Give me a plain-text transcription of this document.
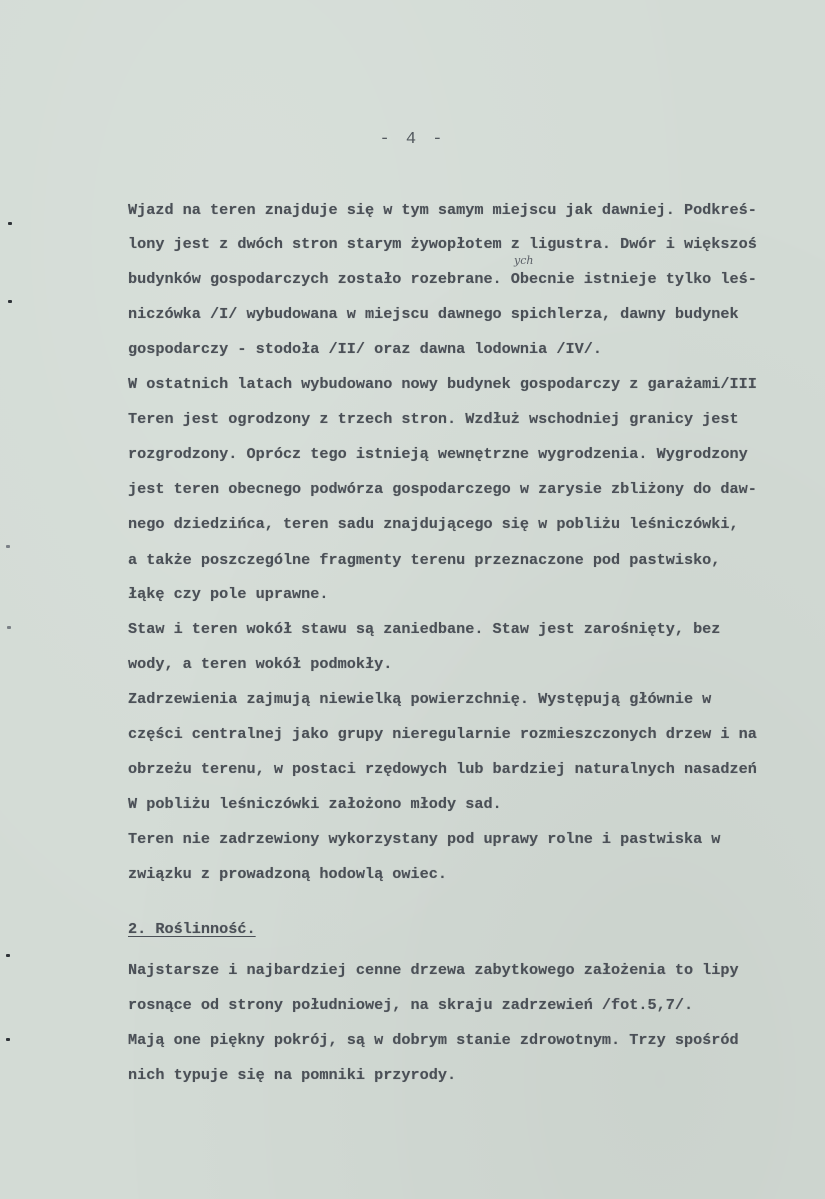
- 4 -
ych
Wjazd na teren znajduje się w tym samym miejscu jak dawniej. Podkreś-
lony jest z dwóch stron starym żywopłotem z ligustra. Dwór i większoś
budynków gospodarczych zostało rozebrane. Obecnie istnieje tylko leś-
niczówka /I/ wybudowana w miejscu dawnego spichlerza, dawny budynek
gospodarczy - stodoła /II/ oraz dawna lodownia /IV/.
W ostatnich latach wybudowano nowy budynek gospodarczy z garażami/III
Teren jest ogrodzony z trzech stron. Wzdłuż wschodniej granicy jest
rozgrodzony. Oprócz tego istnieją wewnętrzne wygrodzenia. Wygrodzony
jest teren obecnego podwórza gospodarczego w zarysie zbliżony do daw-
nego dziedzińca, teren sadu znajdującego się w pobliżu leśniczówki,
a także poszczególne fragmenty terenu przeznaczone pod pastwisko,
łąkę czy pole uprawne.
Staw i teren wokół stawu są zaniedbane. Staw jest zarośnięty, bez
wody, a teren wokół podmokły.
Zadrzewienia zajmują niewielką powierzchnię. Występują głównie w
części centralnej jako grupy nieregularnie rozmieszczonych drzew i na
obrzeżu terenu, w postaci rzędowych lub bardziej naturalnych nasadzeń
W pobliżu leśniczówki założono młody sad.
Teren nie zadrzewiony wykorzystany pod uprawy rolne i pastwiska w
związku z prowadzoną hodowlą owiec.
2. Roślinność.
Najstarsze i najbardziej cenne drzewa zabytkowego założenia to lipy
rosnące od strony południowej, na skraju zadrzewień /fot.5,7/.
Mają one piękny pokrój, są w dobrym stanie zdrowotnym. Trzy spośród
nich typuje się na pomniki przyrody.
